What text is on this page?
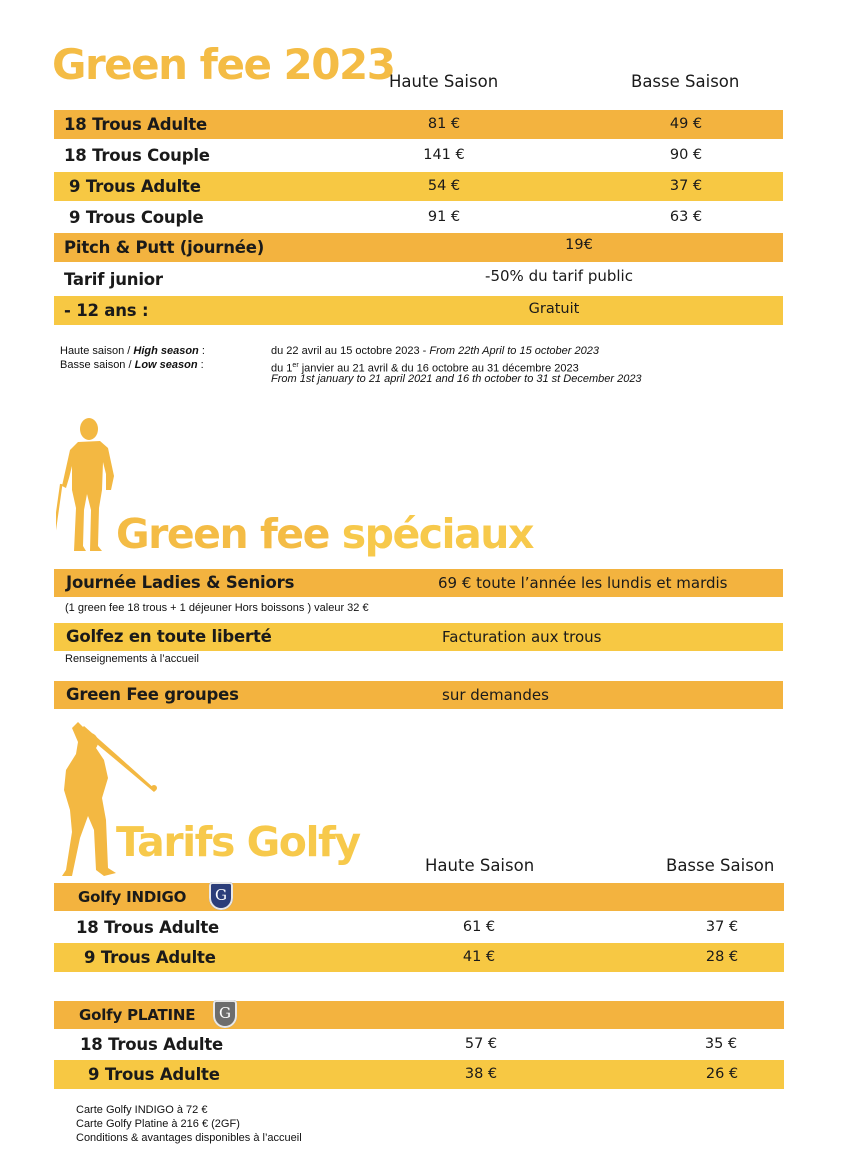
Green fee 2023
Haute Saison	Basse Saison
18 Trous Adulte	81 €	49 €
18 Trous Couple	141 €	90 €
9 Trous Adulte	54 €	37 €
9 Trous Couple	91 €	63 €
Pitch & Putt (journée)	19€
Tarif junior	-50% du tarif public
- 12 ans :	Gratuit
Haute saison / High season :
Basse saison / Low season :
du 22 avril au 15 octobre 2023 - From 22th April to 15 october 2023
du 1er janvier au 21 avril & du 16 octobre au 31 décembre 2023
From 1st january to 21 april 2021 and 16 th october to 31 st December 2023
Green fee spéciaux
Journée Ladies & Seniors	69 € toute l’année les lundis et mardis
(1 green fee 18 trous + 1 déjeuner Hors boissons ) valeur 32 €
Golfez en toute liberté	Facturation aux trous
Renseignements à l’accueil
Green Fee groupes	sur demandes
Tarifs Golfy	Haute Saison	Basse Saison
Golfy INDIGO	G
18 Trous Adulte	61 €	37 €
9 Trous Adulte	41 €	28 €
Golfy PLATINE	G
18 Trous Adulte	57 €	35 €
9 Trous Adulte	38 €	26 €
Carte Golfy INDIGO à 72 €
Carte Golfy Platine à 216 € (2GF)
Conditions & avantages disponibles à l’accueil
